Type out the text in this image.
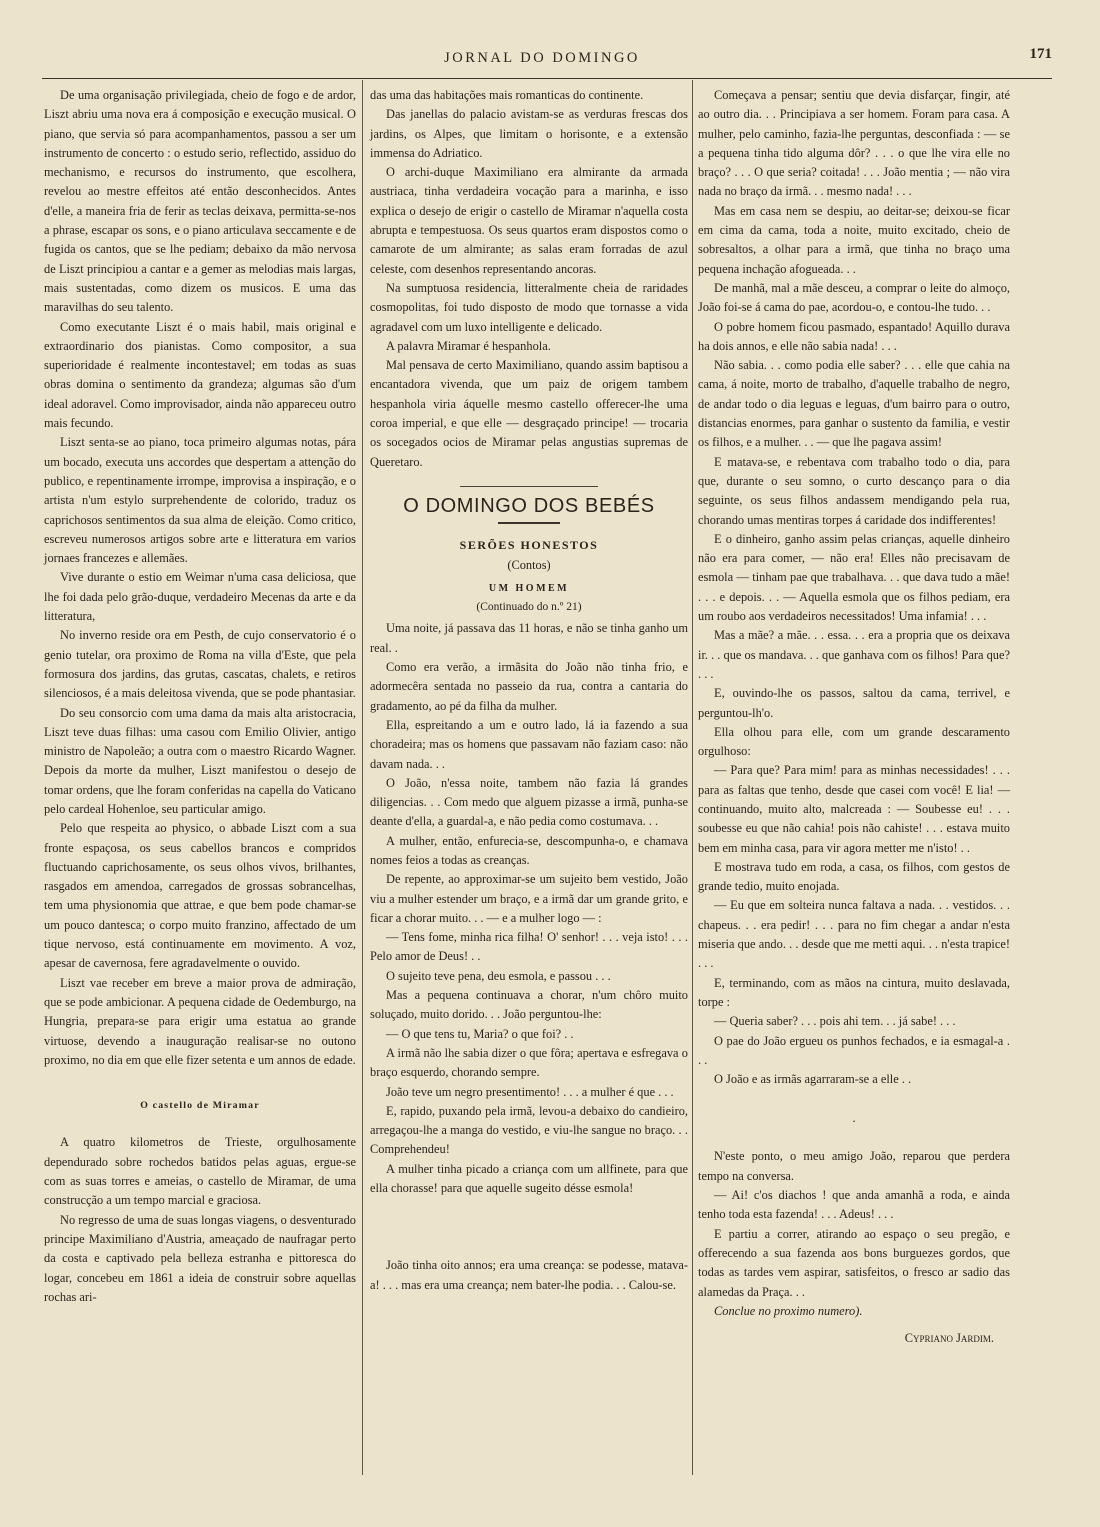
JORNAL DO DOMINGO	171

De uma organisação privilegiada, cheio de fogo e de ardor, Liszt abriu uma nova era á composição e execução musical. O piano, que servia só para acompanhamentos, passou a ser um instrumento de concerto : o estudo serio, reflectido, assiduo do mechanismo, e recursos do instrumento, que escolhera, revelou ao mestre effeitos até então desconhecidos. Antes d'elle, a maneira fria de ferir as teclas deixava, permitta-se-nos a phrase, escapar os sons, e o piano articulava seccamente e de fugida os cantos, que se lhe pediam; debaixo da mão nervosa de Liszt principiou a cantar e a gemer as melodias mais largas, mais sustentadas, como dizem os musicos. E uma das maravilhas do seu talento.

Como executante Liszt é o mais habil, mais original e extraordinario dos pianistas. Como compositor, a sua superioridade é realmente incontestavel; em todas as suas obras domina o sentimento da grandeza; algumas são d'um ideal adoravel. Como improvisador, ainda não appareceu outro mais fecundo.

Liszt senta-se ao piano, toca primeiro algumas notas, pára um bocado, executa uns accordes que despertam a attenção do publico, e repentinamente irrompe, improvisa a inspiração, e o artista n'um estylo surprehendente de colorido, traduz os caprichosos sentimentos da sua alma de eleição. Como critico, escreveu numerosos artigos sobre arte e litteratura em varios jornaes francezes e allemães.

Vive durante o estio em Weimar n'uma casa deliciosa, que lhe foi dada pelo grão-duque, verdadeiro Mecenas da arte e da litteratura,

No inverno reside ora em Pesth, de cujo conservatorio é o genio tutelar, ora proximo de Roma na villa d'Este, que pela formosura dos jardins, das grutas, cascatas, chalets, e retiros silenciosos, é a mais deleitosa vivenda, que se pode phantasiar.

Do seu consorcio com uma dama da mais alta aristocracia, Liszt teve duas filhas: uma casou com Emilio Olivier, antigo ministro de Napoleão; a outra com o maestro Ricardo Wagner. Depois da morte da mulher, Liszt manifestou o desejo de tomar ordens, que lhe foram conferidas na capella do Vaticano pelo cardeal Hohenloe, seu particular amigo.

Pelo que respeita ao physico, o abbade Liszt com a sua fronte espaçosa, os seus cabellos brancos e compridos fluctuando caprichosamente, os seus olhos vivos, brilhantes, rasgados em amendoa, carregados de grossas sobrancelhas, tem uma physionomia que attrae, e que bem pode chamar-se um pouco dantesca; o corpo muito franzino, affectado de um tique nervoso, está continuamente em movimento. A voz, apesar de cavernosa, fere agradavelmente o ouvido.

Liszt vae receber em breve a maior prova de admiração, que se pode ambicionar. A pequena cidade de Oedemburgo, na Hungria, prepara-se para erigir uma estatua ao grande virtuose, devendo a inauguração realisar-se no outono proximo, no dia em que elle fizer setenta e um annos de edade.

O castello de Miramar

A quatro kilometros de Trieste, orgulhosamente dependurado sobre rochedos batidos pelas aguas, ergue-se com as suas torres e ameias, o castello de Miramar, de uma construcção a um tempo marcial e graciosa.

No regresso de uma de suas longas viagens, o desventurado principe Maximiliano d'Austria, ameaçado de naufragar perto da costa e captivado pela belleza estranha e pittoresca do logar, concebeu em 1861 a ideia de construir sobre aquellas rochas ari-

das uma das habitações mais romanticas do continente.

Das janellas do palacio avistam-se as verduras frescas dos jardins, os Alpes, que limitam o horisonte, e a extensão immensa do Adriatico.

O archi-duque Maximiliano era almirante da armada austriaca, tinha verdadeira vocação para a marinha, e isso explica o desejo de erigir o castello de Miramar n'aquella costa abrupta e tempestuosa. Os seus quartos eram dispostos como o camarote de um almirante; as salas eram forradas de azul celeste, com desenhos representando ancoras.

Na sumptuosa residencia, litteralmente cheia de raridades cosmopolitas, foi tudo disposto de modo que tornasse a vida agradavel com um luxo intelligente e delicado.

A palavra Miramar é hespanhola.

Mal pensava de certo Maximiliano, quando assim baptisou a encantadora vivenda, que um paiz de origem tambem hespanhola viria áquelle mesmo castello offerecer-lhe uma coroa imperial, e que elle — desgraçado principe! — trocaria os socegados ocios de Miramar pelas angustias supremas de Queretaro.

O DOMINGO DOS BEBÉS
SERÕES HONESTOS
(Contos)
UM HOMEM
(Continuado do n.º 21)

Uma noite, já passava das 11 horas, e não se tinha ganho um real. .

Como era verão, a irmãsita do João não tinha frio, e adormecêra sentada no passeio da rua, contra a cantaria do gradamento, ao pé da filha da mulher.

Ella, espreitando a um e outro lado, lá ia fazendo a sua choradeira; mas os homens que passavam não faziam caso: não davam nada. . .

O João, n'essa noite, tambem não fazia lá grandes diligencias. . . Com medo que alguem pizasse a irmã, punha-se deante d'ella, a guardal-a, e não pedia como costumava. . .

A mulher, então, enfurecia-se, descompunha-o, e chamava nomes feios a todas as creanças.

De repente, ao approximar-se um sujeito bem vestido, João viu a mulher estender um braço, e a irmã dar um grande grito, e ficar a chorar muito. . . — e a mulher logo — :

— Tens fome, minha rica filha! O' senhor! . . . veja isto! . . . Pelo amor de Deus! . .

O sujeito teve pena, deu esmola, e passou . . .

Mas a pequena continuava a chorar, n'um chôro muito soluçado, muito dorido. . . João perguntou-lhe:

— O que tens tu, Maria? o que foi? . .

A irmã não lhe sabia dizer o que fôra; apertava e esfregava o braço esquerdo, chorando sempre.

João teve um negro presentimento! . . . a mulher é que . . .

E, rapido, puxando pela irmã, levou-a debaixo do candieiro, arregaçou-lhe a manga do vestido, e viu-lhe sangue no braço. . . Comprehendeu!

A mulher tinha picado a criança com um allfinete, para que ella chorasse! para que aquelle sugeito désse esmola!

João tinha oito annos; era uma creança: se podesse, matava-a! . . . mas era uma creança; nem bater-lhe podia. . . Calou-se.

Começava a pensar; sentiu que devia disfarçar, fingir, até ao outro dia. . . Principiava a ser homem. Foram para casa. A mulher, pelo caminho, fazia-lhe perguntas, desconfiada : — se a pequena tinha tido alguma dôr? . . . o que lhe vira elle no braço? . . . O que seria? coitada! . . . João mentia ; — não vira nada no braço da irmã. . . mesmo nada! . . .

Mas em casa nem se despiu, ao deitar-se; deixou-se ficar em cima da cama, toda a noite, muito excitado, cheio de sobresaltos, a olhar para a irmã, que tinha no braço uma pequena inchação afogueada. . .

De manhã, mal a mãe desceu, a comprar o leite do almoço, João foi-se á cama do pae, acordou-o, e contou-lhe tudo. . .

O pobre homem ficou pasmado, espantado! Aquillo durava ha dois annos, e elle não sabia nada! . . .

Não sabia. . . como podia elle saber? . . . elle que cahia na cama, á noite, morto de trabalho, d'aquelle trabalho de negro, de andar todo o dia leguas e leguas, d'um bairro para o outro, distancias enormes, para ganhar o sustento da familia, e vestir os filhos, e a mulher. . . — que lhe pagava assim!

E matava-se, e rebentava com trabalho todo o dia, para que, durante o seu somno, o curto descanço para o dia seguinte, os seus filhos andassem mendigando pela rua, chorando umas mentiras torpes á caridade dos indifferentes!

E o dinheiro, ganho assim pelas crianças, aquelle dinheiro não era para comer, — não era! Elles não precisavam de esmola — tinham pae que trabalhava. . . que dava tudo a mãe! . . . e depois. . . — Aquella esmola que os filhos pediam, era um roubo aos verdadeiros necessitados! Uma infamia! . . .

Mas a mãe? a mãe. . . essa. . . era a propria que os deixava ir. . . que os mandava. . . que ganhava com os filhos! Para que? . . .

E, ouvindo-lhe os passos, saltou da cama, terrivel, e perguntou-lh'o.

Ella olhou para elle, com um grande descaramento orgulhoso:

— Para que? Para mim! para as minhas necessidades! . . . para as faltas que tenho, desde que casei com você! E lia! — continuando, muito alto, malcreada : — Soubesse eu! . . . soubesse eu que não cahia! pois não cahiste! . . . estava muito bem em minha casa, para vir agora metter me n'isto! . .

E mostrava tudo em roda, a casa, os filhos, com gestos de grande tedio, muito enojada.

— Eu que em solteira nunca faltava a nada. . . vestidos. . . chapeus. . . era pedir! . . . para no fim chegar a andar n'esta miseria que ando. . . desde que me metti aqui. . . n'esta trapice! . . .

E, terminando, com as mãos na cintura, muito deslavada, torpe :

— Queria saber? . . . pois ahi tem. . . já sabe! . . .

O pae do João ergueu os punhos fechados, e ia esmagal-a . . .

O João e as irmãs agarraram-se a elle . .

.

N'este ponto, o meu amigo João, reparou que perdera tempo na conversa.

— Ai! c'os diachos ! que anda amanhã a roda, e ainda tenho toda esta fazenda! . . . Adeus! . . .

E partiu a correr, atirando ao espaço o seu pregão, e offerecendo a sua fazenda aos bons burguezes gordos, que todas as tardes vem aspirar, satisfeitos, o fresco ar sadio das alamedas da Praça. . .

Conclue no proximo numero).

Cypriano Jardim.
